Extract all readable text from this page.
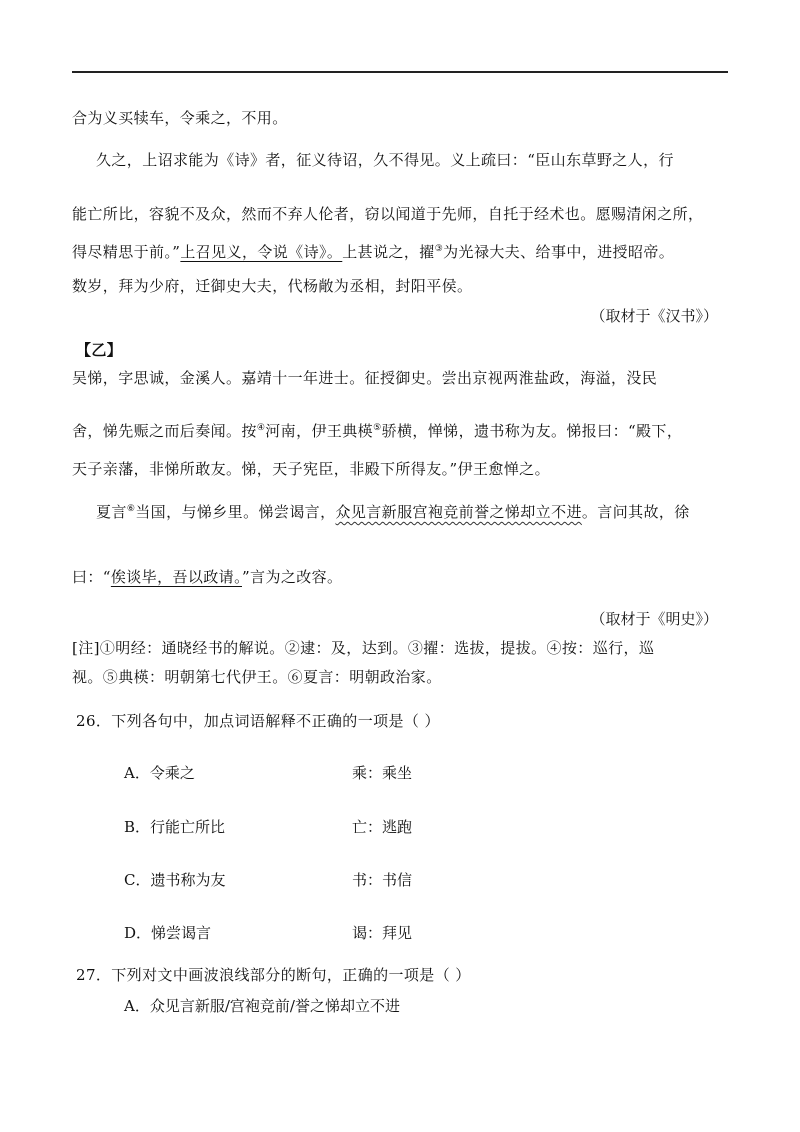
合为义买犊车，令乘之，不用。
久之，上诏求能为《诗》者，征义待诏，久不得见。义上疏曰：“臣山东草野之人，行
能亡所比，容貌不及众，然而不弃人伦者，窃以闻道于先师，自托于经术也。愿赐清闲之所，
得尽精思于前。”上召见义，令说《诗》。上甚说之，擢③为光禄大夫、给事中，进授昭帝。
数岁，拜为少府，迁御史大夫，代杨敞为丞相，封阳平侯。
（取材于《汉书》）
【乙】
吴悌，字思诚，金溪人。嘉靖十一年进士。征授御史。尝出京视两淮盐政，海溢，没民
舍，悌先赈之而后奏闻。按④河南，伊王典楧⑤骄横，惮悌，遗书称为友。悌报曰：“殿下，
天子亲藩，非悌所敢友。悌，天子宪臣，非殿下所得友。”伊王愈惮之。
夏言⑥当国，与悌乡里。悌尝谒言，众见言新服宫袍竞前誉之悌却立不进。言问其故，徐
曰：“俟谈毕，吾以政请。”言为之改容。
（取材于《明史》）
[注]①明经：通晓经书的解说。②逮：及，达到。③擢：选拔，提拔。④按：巡行，巡
视。⑤典楧：明朝第七代伊王。⑥夏言：明朝政治家。
26．下列各句中，加点词语解释不正确的一项是（ ）
A．令乘之	乘：乘坐
B．行能亡所比	亡：逃跑
C．遗书称为友	书：书信
D．悌尝谒言	谒：拜见
27．下列对文中画波浪线部分的断句，正确的一项是（ ）
A．众见言新服/宫袍竞前/誉之悌却立不进
